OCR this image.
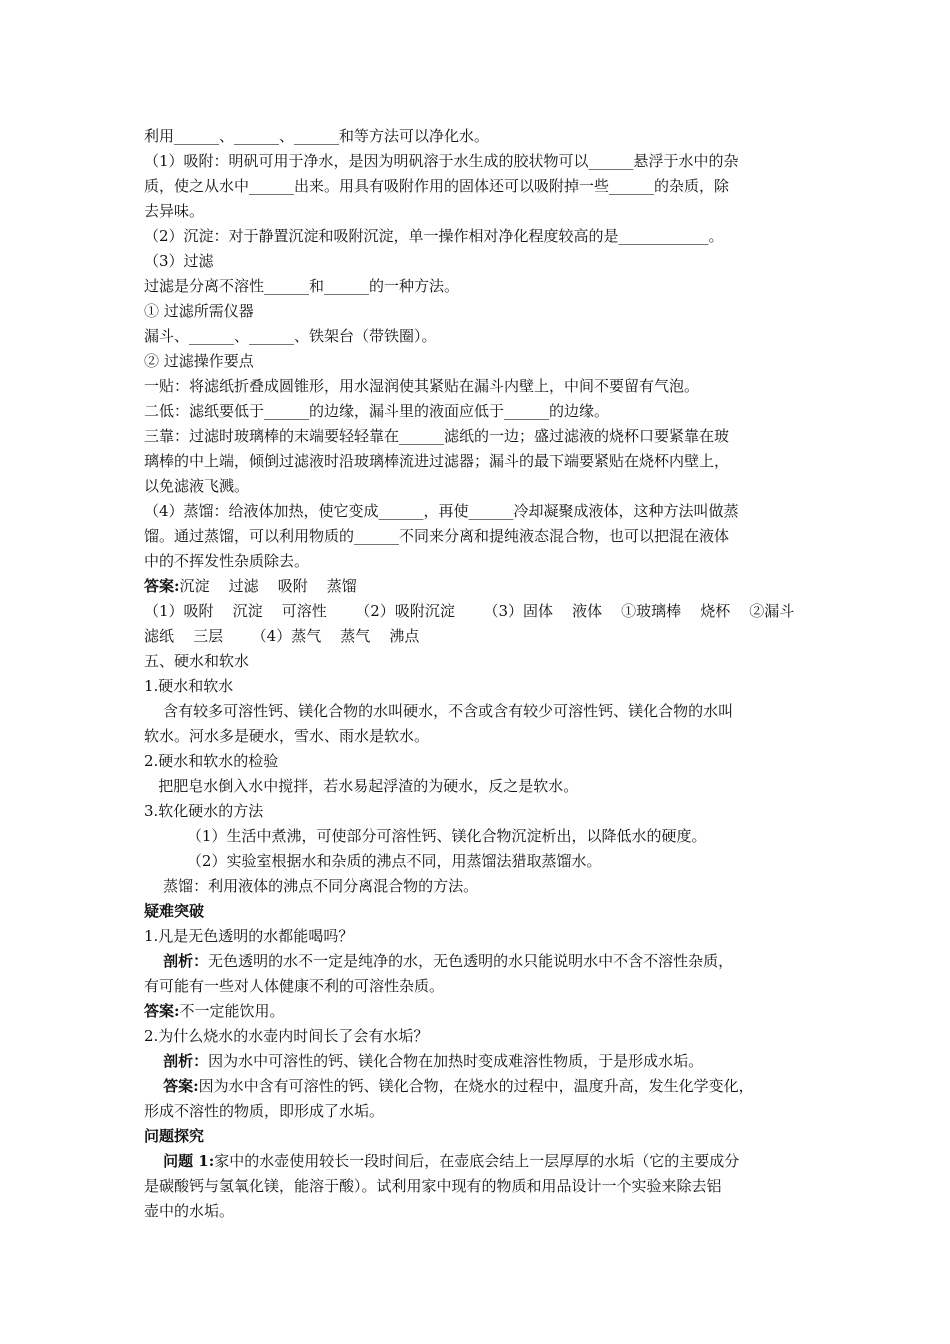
利用______、______、______和等方法可以净化水。
（1）吸附：明矾可用于净水，是因为明矾溶于水生成的胶状物可以______悬浮于水中的杂
质，使之从水中______出来。用具有吸附作用的固体还可以吸附掉一些______的杂质，除
去异味。
（2）沉淀：对于静置沉淀和吸附沉淀，单一操作相对净化程度较高的是____________。
（3）过滤
过滤是分离不溶性______和______的一种方法。
① 过滤所需仪器
漏斗、______、______、铁架台（带铁圈）。
② 过滤操作要点
一贴：将滤纸折叠成圆锥形，用水湿润使其紧贴在漏斗内壁上，中间不要留有气泡。
二低：滤纸要低于______的边缘，漏斗里的液面应低于______的边缘。
三靠：过滤时玻璃棒的末端要轻轻靠在______滤纸的一边；盛过滤液的烧杯口要紧靠在玻
璃棒的中上端，倾倒过滤液时沿玻璃棒流进过滤器；漏斗的最下端要紧贴在烧杯内壁上，
以免滤液飞溅。
（4）蒸馏：给液体加热，使它变成______，再使______冷却凝聚成液体，这种方法叫做蒸
馏。通过蒸馏，可以利用物质的______不同来分离和提纯液态混合物，也可以把混在液体
中的不挥发性杂质除去。
答案:沉淀    过滤    吸附    蒸馏
（1）吸附    沉淀    可溶性      （2）吸附沉淀      （3）固体    液体    ①玻璃棒    烧杯    ②漏斗
滤纸    三层      （4）蒸气    蒸气    沸点
五、硬水和软水
1.硬水和软水
含有较多可溶性钙、镁化合物的水叫硬水，不含或含有较少可溶性钙、镁化合物的水叫
软水。河水多是硬水，雪水、雨水是软水。
2.硬水和软水的检验
把肥皂水倒入水中搅拌，若水易起浮渣的为硬水，反之是软水。
3.软化硬水的方法
（1）生活中煮沸，可使部分可溶性钙、镁化合物沉淀析出，以降低水的硬度。
（2）实验室根据水和杂质的沸点不同，用蒸馏法猎取蒸馏水。
蒸馏：利用液体的沸点不同分离混合物的方法。
疑难突破
1.凡是无色透明的水都能喝吗？
剖析：无色透明的水不一定是纯净的水，无色透明的水只能说明水中不含不溶性杂质，
有可能有一些对人体健康不利的可溶性杂质。
答案:不一定能饮用。
2.为什么烧水的水壶内时间长了会有水垢？
剖析：因为水中可溶性的钙、镁化合物在加热时变成难溶性物质，于是形成水垢。
答案:因为水中含有可溶性的钙、镁化合物，在烧水的过程中，温度升高，发生化学变化，
形成不溶性的物质，即形成了水垢。
问题探究
问题 1:家中的水壶使用较长一段时间后，在壶底会结上一层厚厚的水垢（它的主要成分
是碳酸钙与氢氧化镁，能溶于酸）。试利用家中现有的物质和用品设计一个实验来除去铝
壶中的水垢。
